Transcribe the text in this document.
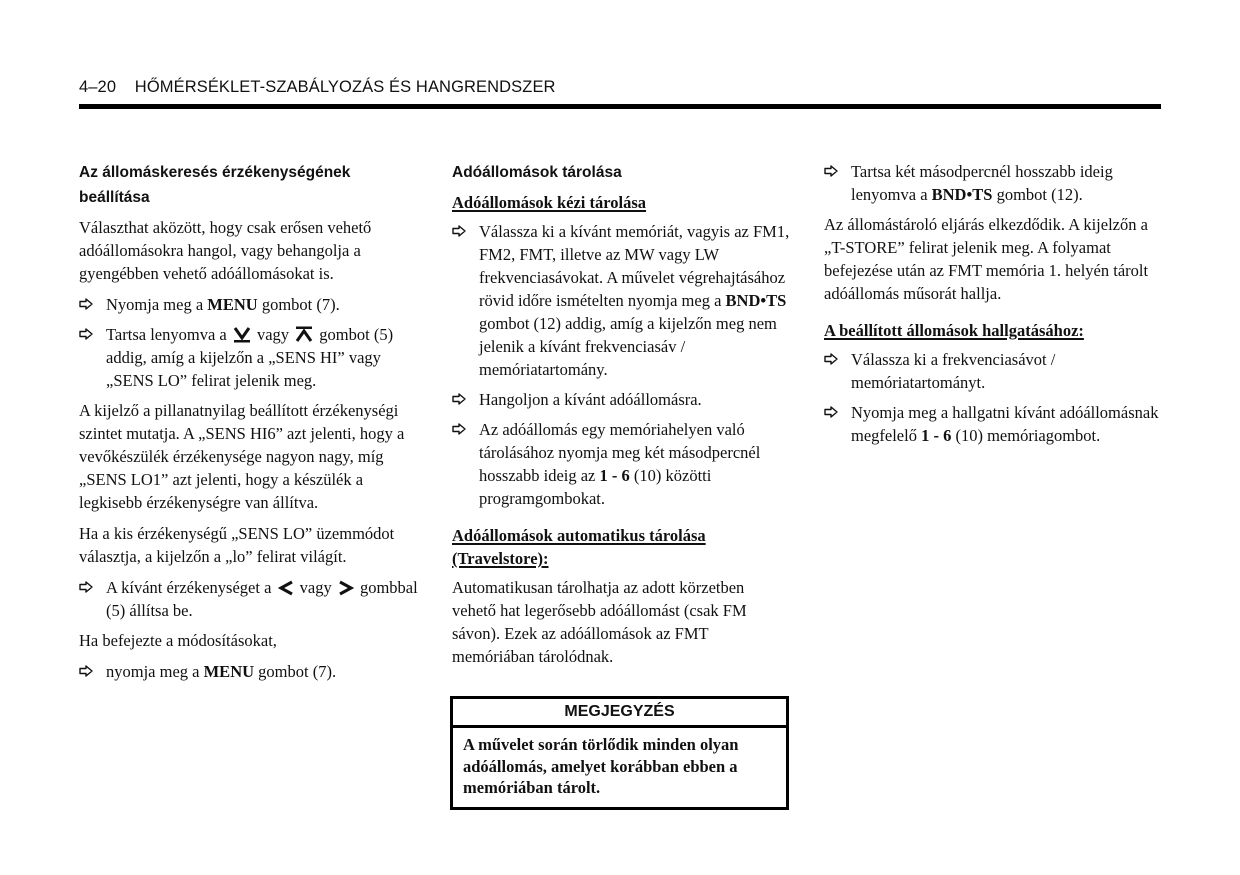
4–20 HŐMÉRSÉKLET-SZABÁLYOZÁS ÉS HANGRENDSZER
Az állomáskeresés érzékenységének beállítása

Választhat aközött, hogy csak erősen vehető adóállomásokra hangol, vagy behangolja a gyengébben vehető adóállomásokat is.

Nyomja meg a MENU gombot (7).
Tartsa lenyomva a  vagy  gombot (5) addig, amíg a kijelzőn a „SENS HI” vagy „SENS LO” felirat jelenik meg.

A kijelző a pillanatnyilag beállított érzékenységi szintet mutatja. A „SENS HI6” azt jelenti, hogy a vevőkészülék érzékenysége nagyon nagy, míg „SENS LO1” azt jelenti, hogy a készülék a legkisebb érzékenységre van állítva.

Ha a kis érzékenységű „SENS LO” üzemmódot választja, a kijelzőn a „lo” felirat világít.

A kívánt érzékenységet a  vagy  gombbal (5) állítsa be.

Ha befejezte a módosításokat,

nyomja meg a MENU gombot (7).
Adóállomások tárolása
Adóállomások kézi tárolása
Válassza ki a kívánt memóriát, vagyis az FM1, FM2, FMT, illetve az MW vagy LW frekvenciasávokat. A művelet végrehajtásához rövid időre ismételten nyomja meg a BND•TS gombot (12) addig, amíg a kijelzőn meg nem jelenik a kívánt frekvenciasáv / memóriatartomány.
Hangoljon a kívánt adóállomásra.
Az adóállomás egy memóriahelyen való tárolásához nyomja meg két másodpercnél hosszabb ideig az 1 - 6 (10) közötti programgombokat.
Adóállomások automatikus tárolása (Travelstore):

Automatikusan tárolhatja az adott körzetben vehető hat legerősebb adóállomást (csak FM sávon). Ezek az adóállomások az FMT memóriában tárolódnak.

MEGJEGYZÉS
A művelet során törlődik minden olyan adóállomás, amelyet korábban ebben a memóriában tárolt.
Tartsa két másodpercnél hosszabb ideig lenyomva a BND•TS gombot (12).

Az állomástároló eljárás elkezdődik. A kijelzőn a „T-STORE” felirat jelenik meg. A folyamat befejezése után az FMT memória 1. helyén tárolt adóállomás műsorát hallja.

A beállított állomások hallgatásához:
Válassza ki a frekvenciasávot / memóriatartományt.
Nyomja meg a hallgatni kívánt adóállomásnak megfelelő 1 - 6 (10) memóriagombot.
